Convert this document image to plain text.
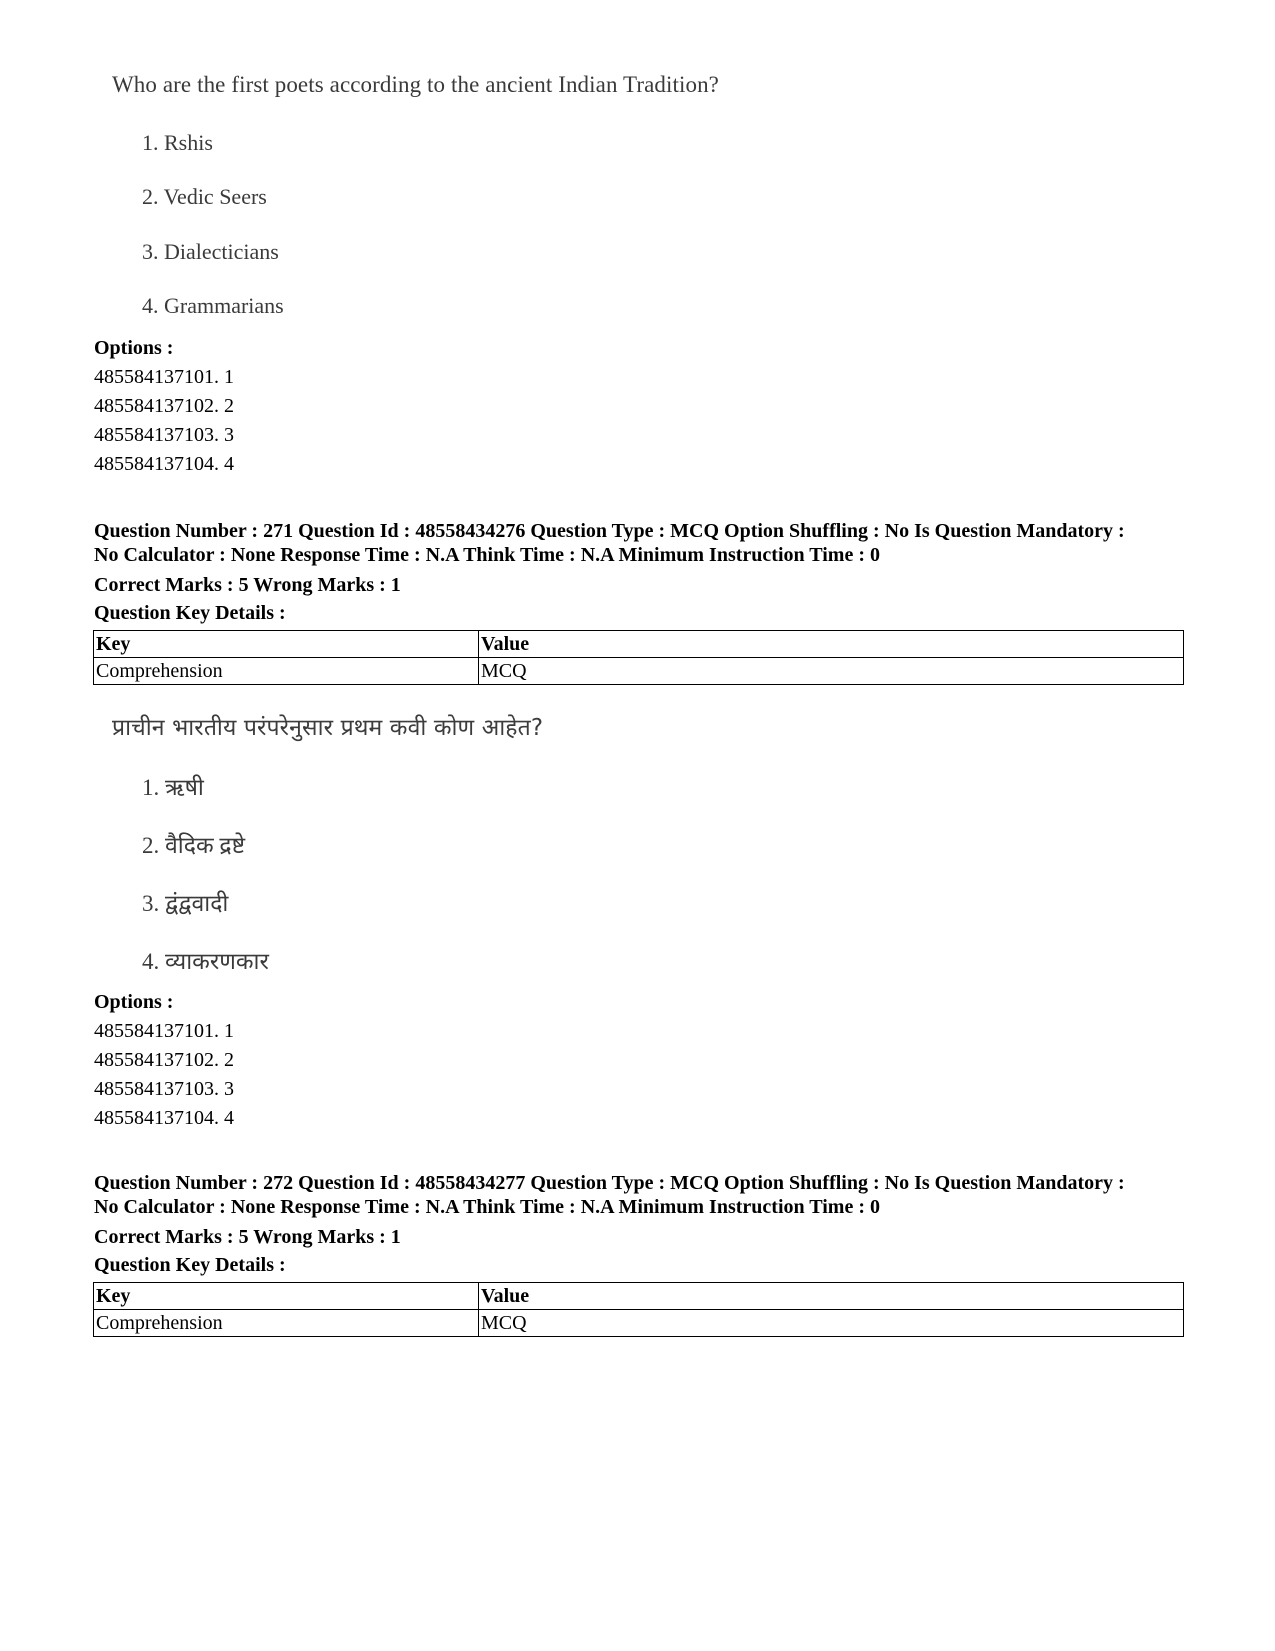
Who are the first poets according to the ancient Indian Tradition?
1. Rshis
2. Vedic Seers
3. Dialecticians
4. Grammarians
Options :
485584137101. 1
485584137102. 2
485584137103. 3
485584137104. 4
Question Number : 271 Question Id : 48558434276 Question Type : MCQ Option Shuffling : No Is Question Mandatory :
No Calculator : None Response Time : N.A Think Time : N.A Minimum Instruction Time : 0
Correct Marks : 5 Wrong Marks : 1
Question Key Details :
Key	Value
Comprehension	MCQ
प्राचीन भारतीय परंपरेनुसार प्रथम कवी कोण आहेत?
1. ऋषी
2. वैदिक द्रष्टे
3. द्वंद्ववादी
4. व्याकरणकार
Options :
485584137101. 1
485584137102. 2
485584137103. 3
485584137104. 4
Question Number : 272 Question Id : 48558434277 Question Type : MCQ Option Shuffling : No Is Question Mandatory :
No Calculator : None Response Time : N.A Think Time : N.A Minimum Instruction Time : 0
Correct Marks : 5 Wrong Marks : 1
Question Key Details :
Key	Value
Comprehension	MCQ
